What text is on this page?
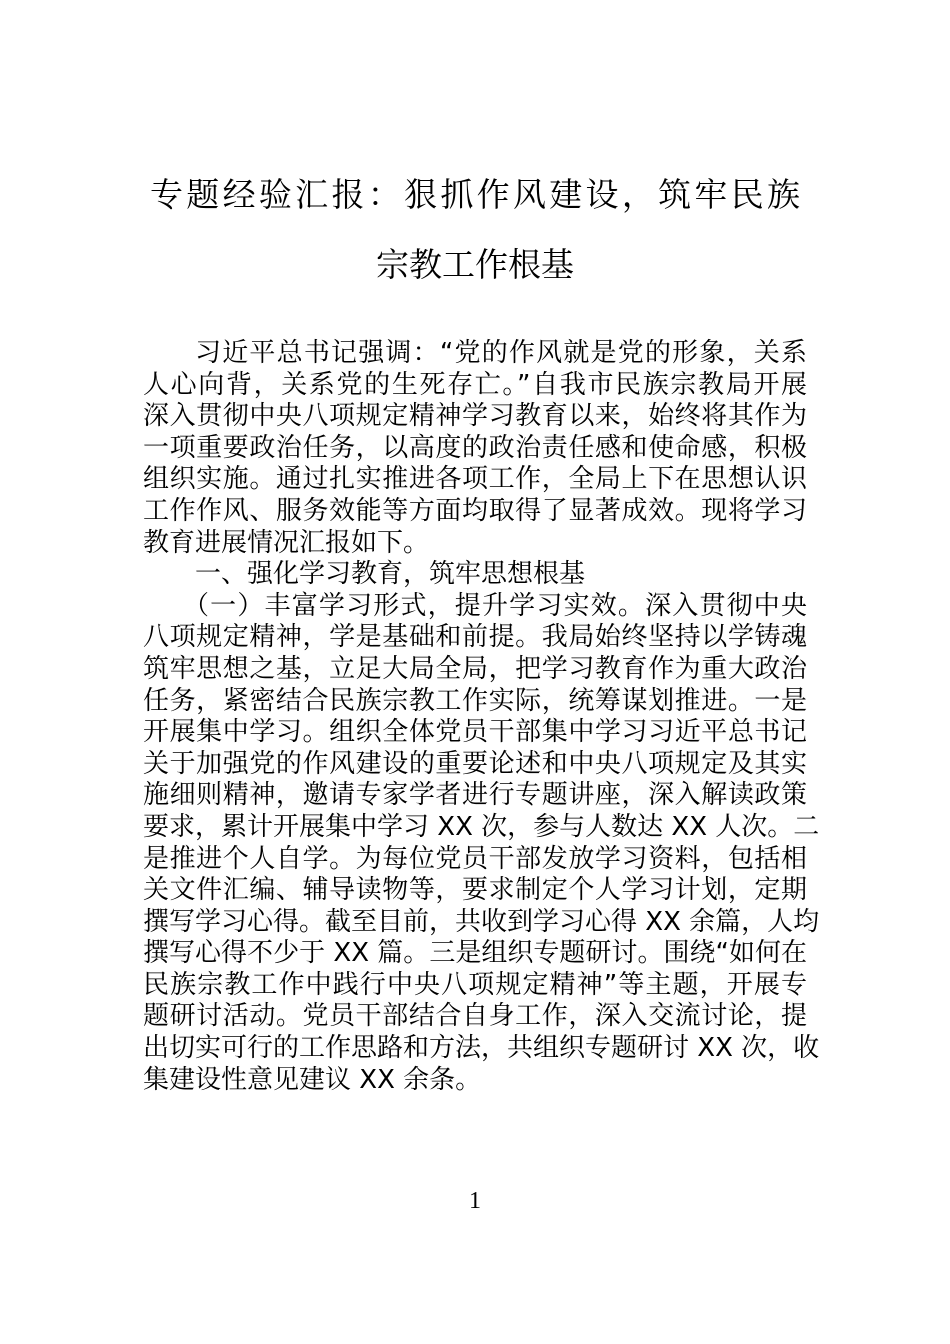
专题经验汇报：狠抓作风建设，筑牢民族
宗教工作根基
习近平总书记强调：“党的作风就是党的形象，关系
人心向背，关系党的生死存亡。”自我市民族宗教局开展
深入贯彻中央八项规定精神学习教育以来，始终将其作为
一项重要政治任务，以高度的政治责任感和使命感，积极
组织实施。通过扎实推进各项工作，全局上下在思想认识
工作作风、服务效能等方面均取得了显著成效。现将学习
教育进展情况汇报如下。
一、强化学习教育，筑牢思想根基
（一）丰富学习形式，提升学习实效。深入贯彻中央
八项规定精神，学是基础和前提。我局始终坚持以学铸魂
筑牢思想之基，立足大局全局，把学习教育作为重大政治
任务，紧密结合民族宗教工作实际，统筹谋划推进。一是
开展集中学习。组织全体党员干部集中学习习近平总书记
关于加强党的作风建设的重要论述和中央八项规定及其实
施细则精神，邀请专家学者进行专题讲座，深入解读政策
要求，累计开展集中学习 XX 次，参与人数达 XX 人次。二
是推进个人自学。为每位党员干部发放学习资料，包括相
关文件汇编、辅导读物等，要求制定个人学习计划，定期
撰写学习心得。截至目前，共收到学习心得 XX 余篇，人均
撰写心得不少于 XX 篇。三是组织专题研讨。围绕“如何在
民族宗教工作中践行中央八项规定精神”等主题，开展专
题研讨活动。党员干部结合自身工作，深入交流讨论，提
出切实可行的工作思路和方法，共组织专题研讨 XX 次，收
集建设性意见建议 XX 余条。
1
